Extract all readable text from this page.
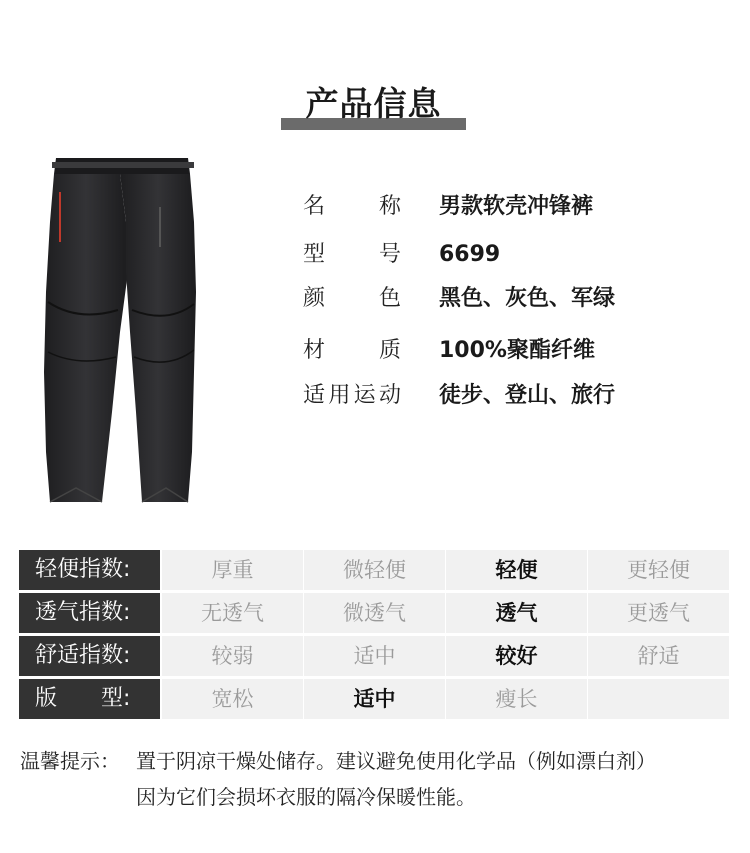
产品信息
名　　称 男款软壳冲锋裤
型　　号 6699
颜　　色 黑色、灰色、军绿
材　　质 100%聚酯纤维
适用运动 徒步、登山、旅行
轻便指数:	厚重	微轻便	轻便	更轻便
透气指数:	无透气	微透气	透气	更透气
舒适指数:	较弱	适中	较好	舒适
版　　型:	宽松	适中	瘦长
温馨提示： 置于阴凉干燥处储存。建议避免使用化学品（例如漂白剂）
因为它们会损坏衣服的隔冷保暖性能。
